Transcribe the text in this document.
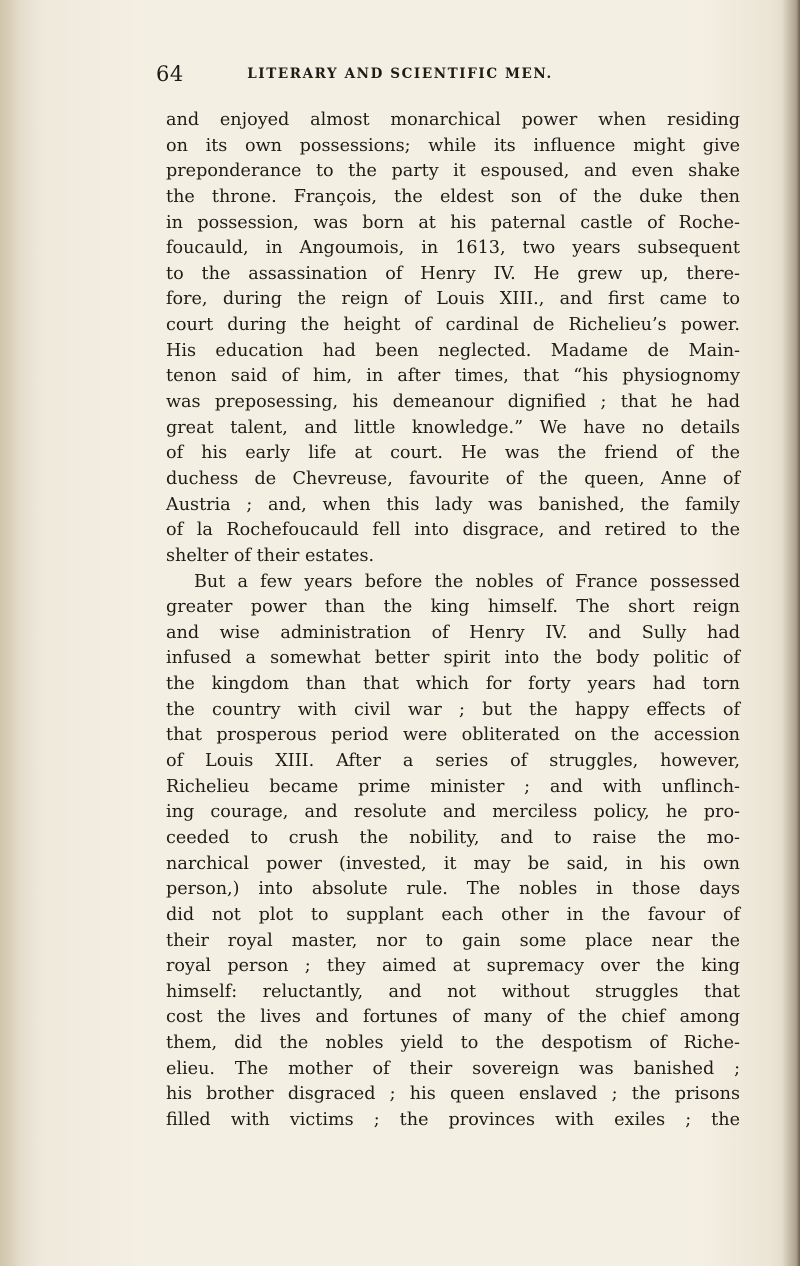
64	LITERARY AND SCIENTIFIC MEN.
and enjoyed almost monarchical power when residing
on its own possessions; while its influence might give
preponderance to the party it espoused, and even shake
the throne. François, the eldest son of the duke then
in possession, was born at his paternal castle of Roche-
foucauld, in Angoumois, in 1613, two years subsequent
to the assassination of Henry IV. He grew up, there-
fore, during the reign of Louis XIII., and first came to
court during the height of cardinal de Richelieu’s power.
His education had been neglected. Madame de Main-
tenon said of him, in after times, that “his physiognomy
was preposessing, his demeanour dignified ; that he had
great talent, and little knowledge.” We have no details
of his early life at court. He was the friend of the
duchess de Chevreuse, favourite of the queen, Anne of
Austria ; and, when this lady was banished, the family
of la Rochefoucauld fell into disgrace, and retired to the
shelter of their estates.
But a few years before the nobles of France possessed
greater power than the king himself. The short reign
and wise administration of Henry IV. and Sully had
infused a somewhat better spirit into the body politic of
the kingdom than that which for forty years had torn
the country with civil war ; but the happy effects of
that prosperous period were obliterated on the accession
of Louis XIII. After a series of struggles, however,
Richelieu became prime minister ; and with unflinch-
ing courage, and resolute and merciless policy, he pro-
ceeded to crush the nobility, and to raise the mo-
narchical power (invested, it may be said, in his own
person,) into absolute rule. The nobles in those days
did not plot to supplant each other in the favour of
their royal master, nor to gain some place near the
royal person ; they aimed at supremacy over the king
himself: reluctantly, and not without struggles that
cost the lives and fortunes of many of the chief among
them, did the nobles yield to the despotism of Riche-
elieu. The mother of their sovereign was banished ;
his brother disgraced ; his queen enslaved ; the prisons
filled with victims ; the provinces with exiles ; the
